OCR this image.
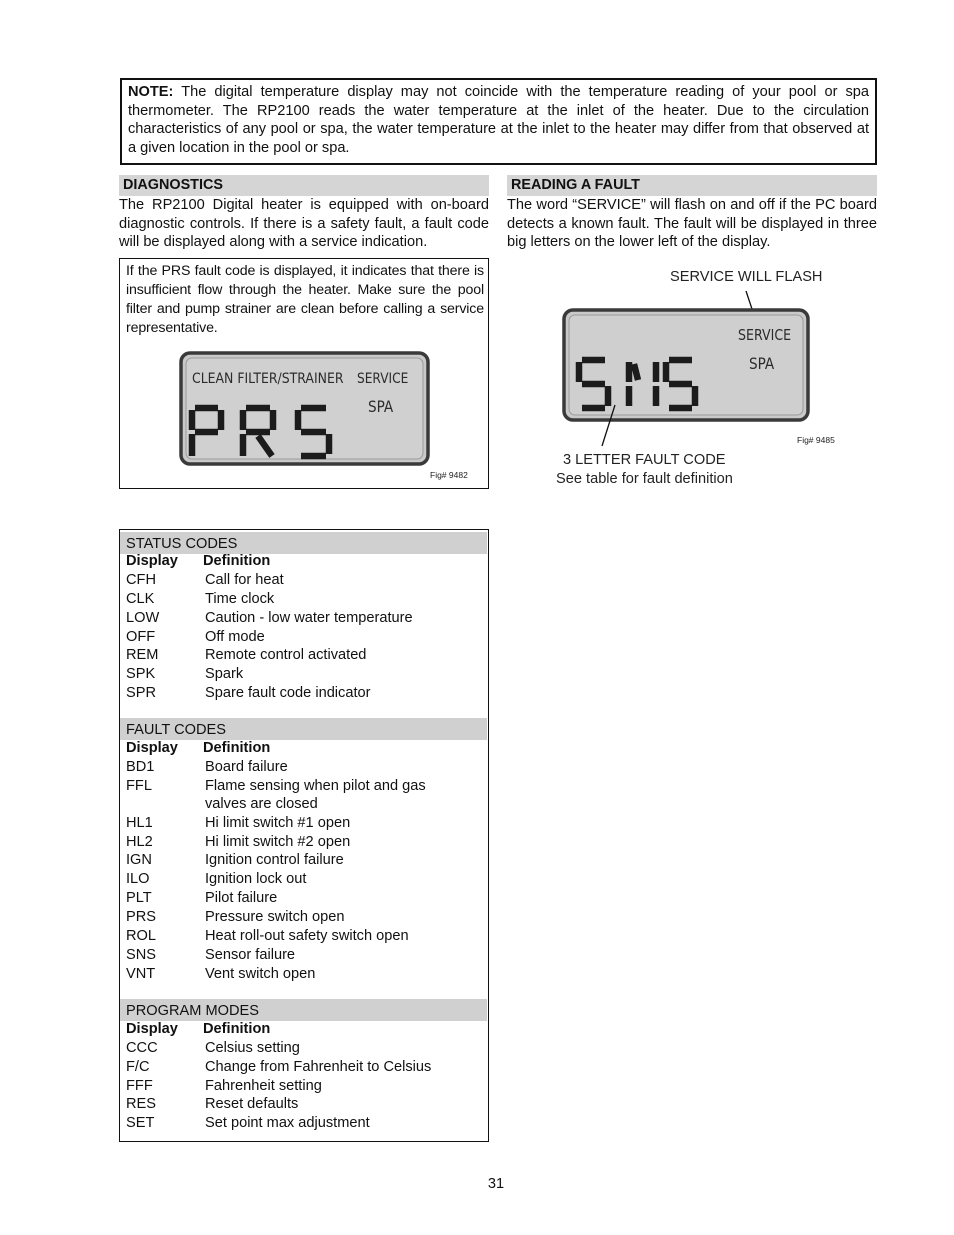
NOTE: The digital temperature display may not coincide with the temperature reading of your pool or spa thermometer. The RP2100 reads the water temperature at the inlet of the heater. Due to the circulation characteristics of any pool or spa, the water temperature at the inlet to the heater may differ from that observed at a given location in the pool or spa.
DIAGNOSTICS
The RP2100 Digital heater is equipped with on-board diagnostic controls. If there is a safety fault, a fault code will be displayed along with a service indication.
If the PRS fault code is displayed, it indicates that there is insufficient flow through the heater. Make sure the pool filter and pump strainer are clean before calling a service representative.
CLEAN FILTER/STRAINER SERVICE
SPA
Fig# 9482
READING A FAULT
The word “SERVICE” will flash on and off if the PC board detects a known fault. The fault will be displayed in three big letters on the lower left of the display.
SERVICE WILL FLASH
SERVICE
SPA
Fig# 9485
3 LETTER FAULT CODE
See table for fault definition
STATUS CODES
Display Definition
CFH	Call for heat
CLK	Time clock
LOW	Caution - low water temperature
OFF	Off mode
REM	Remote control activated
SPK	Spark
SPR	Spare fault code indicator
FAULT CODES
Display Definition
BD1	Board failure
FFL	Flame sensing when pilot and gas
valves are closed
HL1	Hi limit switch #1 open
HL2	Hi limit switch #2 open
IGN	Ignition control failure
ILO	Ignition lock out
PLT	Pilot failure
PRS	Pressure switch open
ROL	Heat roll-out safety switch open
SNS	Sensor failure
VNT	Vent switch open
PROGRAM MODES
Display Definition
CCC	Celsius setting
F/C	Change from Fahrenheit to Celsius
FFF	Fahrenheit setting
RES	Reset defaults
SET	Set point max adjustment
31
